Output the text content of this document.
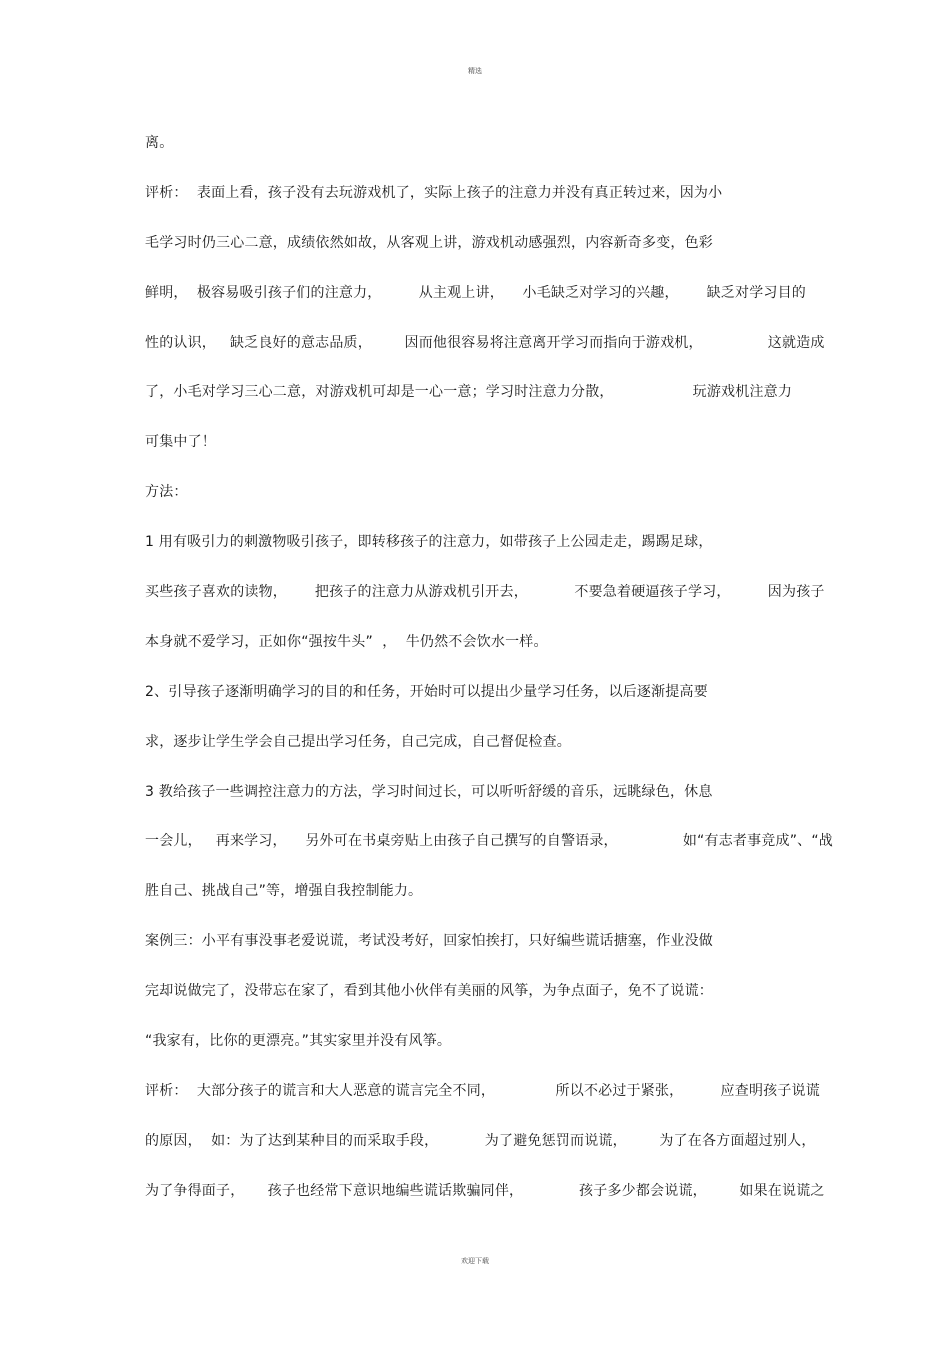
精选
离。
评析：  表面上看，孩子没有去玩游戏机了，实际上孩子的注意力并没有真正转过来，因为小
毛学习时仍三心二意，成绩依然如故，从客观上讲，游戏机动感强烈，内容新奇多变，色彩
鲜明，  极容易吸引孩子们的注意力，        从主观上讲，    小毛缺乏对学习的兴趣，      缺乏对学习目的
性的认识，   缺乏良好的意志品质，       因而他很容易将注意离开学习而指向于游戏机，              这就造成
了，小毛对学习三心二意，对游戏机可却是一心一意；学习时注意力分散，                 玩游戏机注意力
可集中了！
方法：
1 用有吸引力的刺激物吸引孩子，即转移孩子的注意力，如带孩子上公园走走，踢踢足球，
买些孩子喜欢的读物，      把孩子的注意力从游戏机引开去，          不要急着硬逼孩子学习，        因为孩子
本身就不爱学习，正如你“强按牛头”  ，  牛仍然不会饮水一样。
2、引导孩子逐渐明确学习的目的和任务，开始时可以提出少量学习任务，以后逐渐提高要
求，逐步让学生学会自己提出学习任务，自己完成，自己督促检查。
3 教给孩子一些调控注意力的方法，学习时间过长，可以听听舒缓的音乐，远眺绿色，休息
一会儿，   再来学习，    另外可在书桌旁贴上由孩子自己撰写的自警语录，              如“有志者事竞成”、“战
胜自己、挑战自己”等，增强自我控制能力。
案例三：小平有事没事老爱说谎，考试没考好，回家怕挨打，只好编些谎话搪塞，作业没做
完却说做完了，没带忘在家了，看到其他小伙伴有美丽的风筝，为争点面子，免不了说谎：
“我家有，比你的更漂亮。”其实家里并没有风筝。
评析：  大部分孩子的谎言和大人恶意的谎言完全不同，             所以不必过于紧张，        应查明孩子说谎
的原因，  如：为了达到某种目的而采取手段，          为了避免惩罚而说谎，       为了在各方面超过别人，
为了争得面子，     孩子也经常下意识地编些谎话欺骗同伴，            孩子多少都会说谎，       如果在说谎之
欢迎下载
